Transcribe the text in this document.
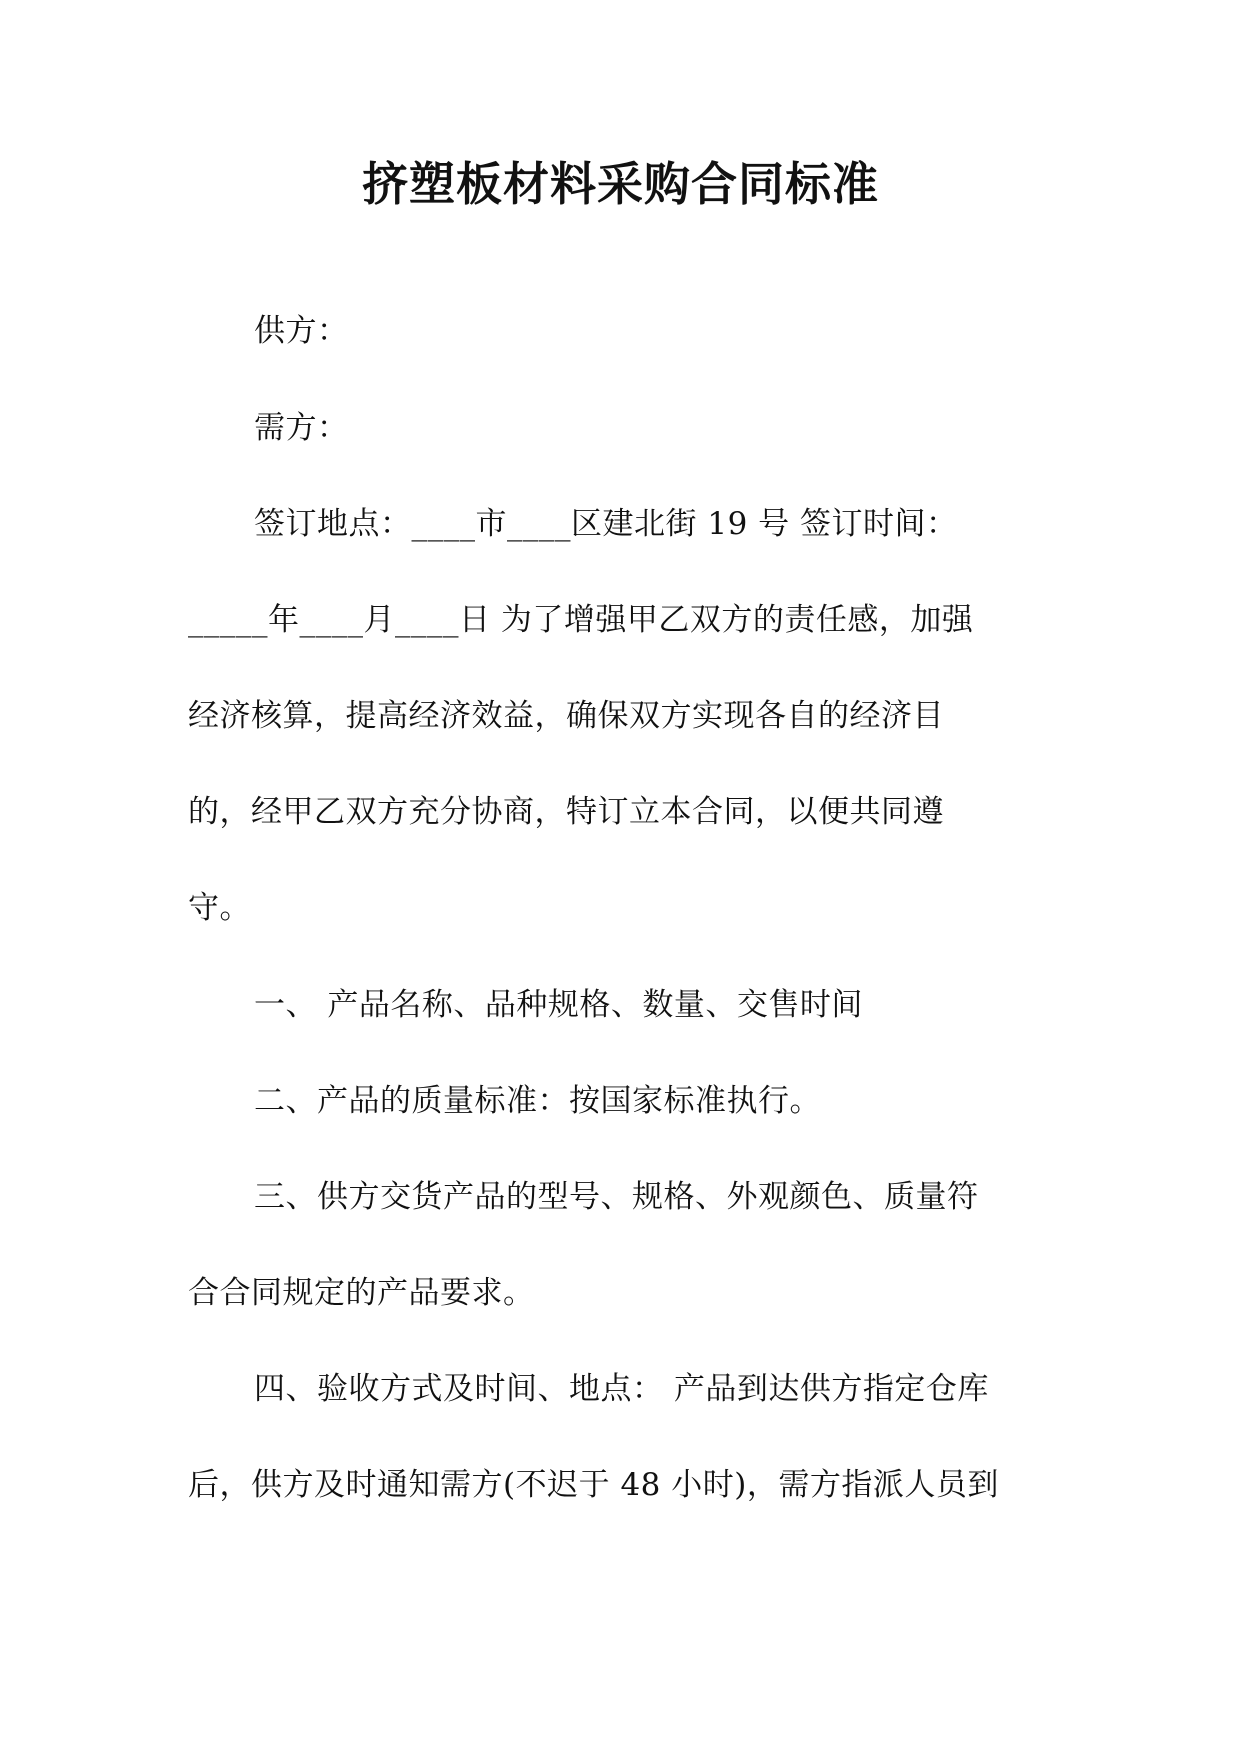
挤塑板材料采购合同标准
供方：
需方：
签订地点：____市____区建北街 19 号 签订时间：
_____年____月____日 为了增强甲乙双方的责任感，加强
经济核算，提高经济效益，确保双方实现各自的经济目
的，经甲乙双方充分协商，特订立本合同，以便共同遵
守。
一、 产品名称、品种规格、数量、交售时间
二、产品的质量标准：按国家标准执行。
三、供方交货产品的型号、规格、外观颜色、质量符
合合同规定的产品要求。
四、验收方式及时间、地点： 产品到达供方指定仓库
后，供方及时通知需方(不迟于 48 小时)，需方指派人员到
